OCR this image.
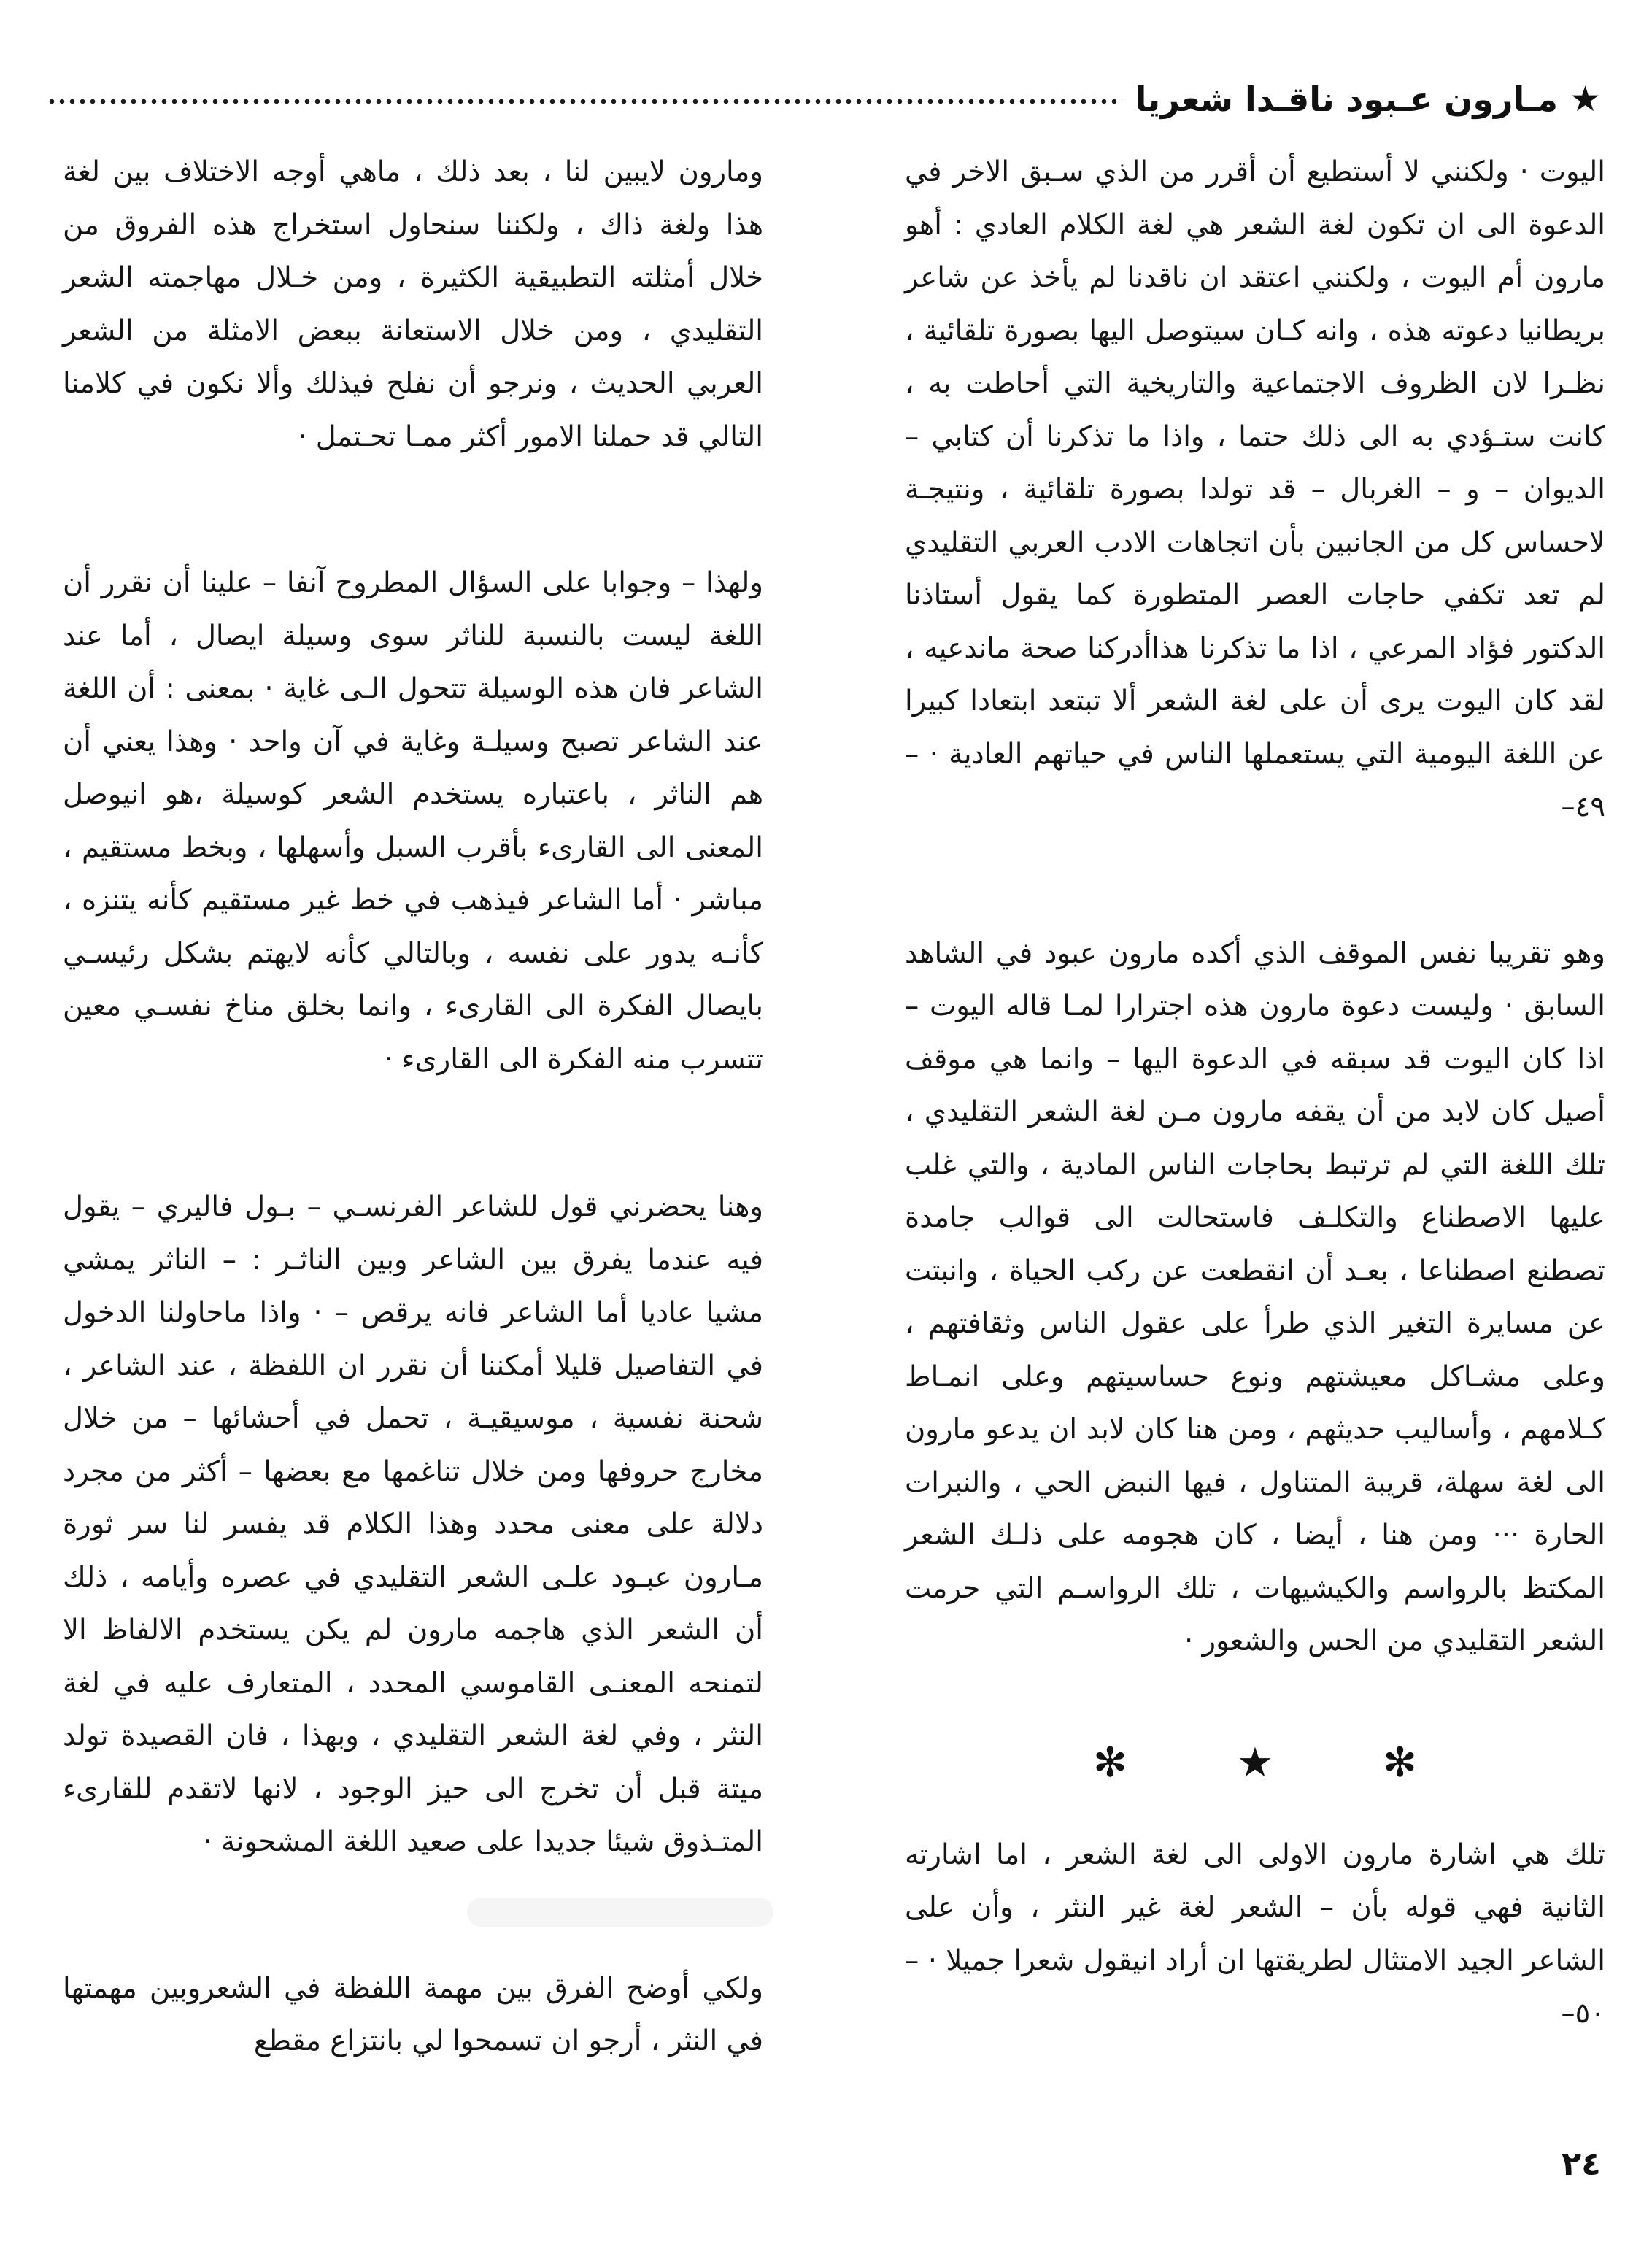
★
مـارون عـبود ناقـدا شعريا

اليوت · ولكنني لا أستطيع أن أقرر من الذي سـبق الاخر في الدعوة الى ان تكون لغة الشعر هي لغة الكلام العادي : أهو مارون أم اليوت ، ولكنني اعتقد ان ناقدنا لم يأخذ عن شاعر بريطانيا دعوته هذه ، وانه كـان سيتوصل اليها بصورة تلقائية ، نظـرا لان الظروف الاجتماعية والتاريخية التي أحاطت به ، كانت ستـؤدي به الى ذلك حتما ، واذا ما تذكرنا أن كتابي – الديوان – و – الغربال – قد تولدا بصورة تلقائية ، ونتيجـة لاحساس كل من الجانبين بأن اتجاهات الادب العربي التقليدي لم تعد تكفي حاجات العصر المتطورة كما يقول أستاذنا الدكتور فؤاد المرعي ، اذا ما تذكرنا هذاأدركنا صحة ماندعيه ، لقد كان اليوت يرى أن على لغة الشعر ألا تبتعد ابتعادا كبيرا عن اللغة اليومية التي يستعملها الناس في حياتهم العادية · –٤٩–

وهو تقريبا نفس الموقف الذي أكده مارون عبود في الشاهد السابق · وليست دعوة مارون هذه اجترارا لمـا قاله اليوت – اذا كان اليوت قد سبقه في الدعوة اليها – وانما هي موقف أصيل كان لابد من أن يقفه مارون مـن لغة الشعر التقليدي ، تلك اللغة التي لم ترتبط بحاجات الناس المادية ، والتي غلب عليها الاصطناع والتكلـف فاستحالت الى قوالب جامدة تصطنع اصطناعا ، بعـد أن انقطعت عن ركب الحياة ، وانبتت عن مسايرة التغير الذي طرأ على عقول الناس وثقافتهم ، وعلى مشـاكل معيشتهم ونوع حساسيتهم وعلى انمـاط كـلامهم ، وأساليب حديثهم ، ومن هنا كان لابد ان يدعو مارون الى لغة سهلة، قريبة المتناول ، فيها النبض الحي ، والنبرات الحارة ··· ومن هنا ، أيضا ، كان هجومه على ذلـك الشعر المكتظ بالرواسم والكيشيهات ، تلك الرواسـم التي حرمت الشعر التقليدي من الحس والشعور ·

✻
★
✻

تلك هي اشارة مارون الاولى الى لغة الشعر ، اما اشارته الثانية فهي قوله بأن – الشعر لغة غير النثر ، وأن على الشاعر الجيد الامتثال لطريقتها ان أراد انيقول شعرا جميلا · –٥٠–

ومارون لايبين لنا ، بعد ذلك ، ماهي أوجه الاختلاف بين لغة هذا ولغة ذاك ، ولكننا سنحاول استخراج هذه الفروق من خلال أمثلته التطبيقية الكثيرة ، ومن خـلال مهاجمته الشعر التقليدي ، ومن خلال الاستعانة ببعض الامثلة من الشعر العربي الحديث ، ونرجو أن نفلح فيذلك وألا نكون في كلامنا التالي قد حملنا الامور أكثر ممـا تحـتمل ·

ولهذا – وجوابا على السؤال المطروح آنفا – علينا أن نقرر أن اللغة ليست بالنسبة للناثر سوى وسيلة ايصال ، أما عند الشاعر فان هذه الوسيلة تتحول الـى غاية · بمعنى : أن اللغة عند الشاعر تصبح وسيلـة وغاية في آن واحد · وهذا يعني أن هم الناثر ، باعتباره يستخدم الشعر كوسيلة ،هو انيوصل المعنى الى القارىء بأقرب السبل وأسهلها ، وبخط مستقيم ، مباشر · أما الشاعر فيذهب في خط غير مستقيم كأنه يتنزه ، كأنـه يدور على نفسه ، وبالتالي كأنه لايهتم بشكل رئيسـي بايصال الفكرة الى القارىء ، وانما بخلق مناخ نفسـي معين تتسرب منه الفكرة الى القارىء ·

وهنا يحضرني قول للشاعر الفرنسـي – بـول فاليري – يقول فيه عندما يفرق بين الشاعر وبين الناثـر : – الناثر يمشي مشيا عاديا أما الشاعر فانه يرقص – · واذا ماحاولنا الدخول في التفاصيل قليلا أمكننا أن نقرر ان اللفظة ، عند الشاعر ، شحنة نفسية ، موسيقيـة ، تحمل في أحشائها – من خلال مخارج حروفها ومن خلال تناغمها مع بعضها – أكثر من مجرد دلالة على معنى محدد وهذا الكلام قد يفسر لنا سر ثورة مـارون عبـود علـى الشعر التقليدي في عصره وأيامه ، ذلك أن الشعر الذي هاجمه مارون لم يكن يستخدم الالفاظ الا لتمنحه المعنـى القاموسي المحدد ، المتعارف عليه في لغة النثر ، وفي لغة الشعر التقليدي ، وبهذا ، فان القصيدة تولد ميتة قبل أن تخرج الى حيز الوجود ، لانها لاتقدم للقارىء المتـذوق شيئا جديدا على صعيد اللغة المشحونة ·

ولكي أوضح الفرق بين مهمة اللفظة في الشعروبين مهمتها في النثر ، أرجو ان تسمحوا لي بانتزاع مقطع

٢٤
